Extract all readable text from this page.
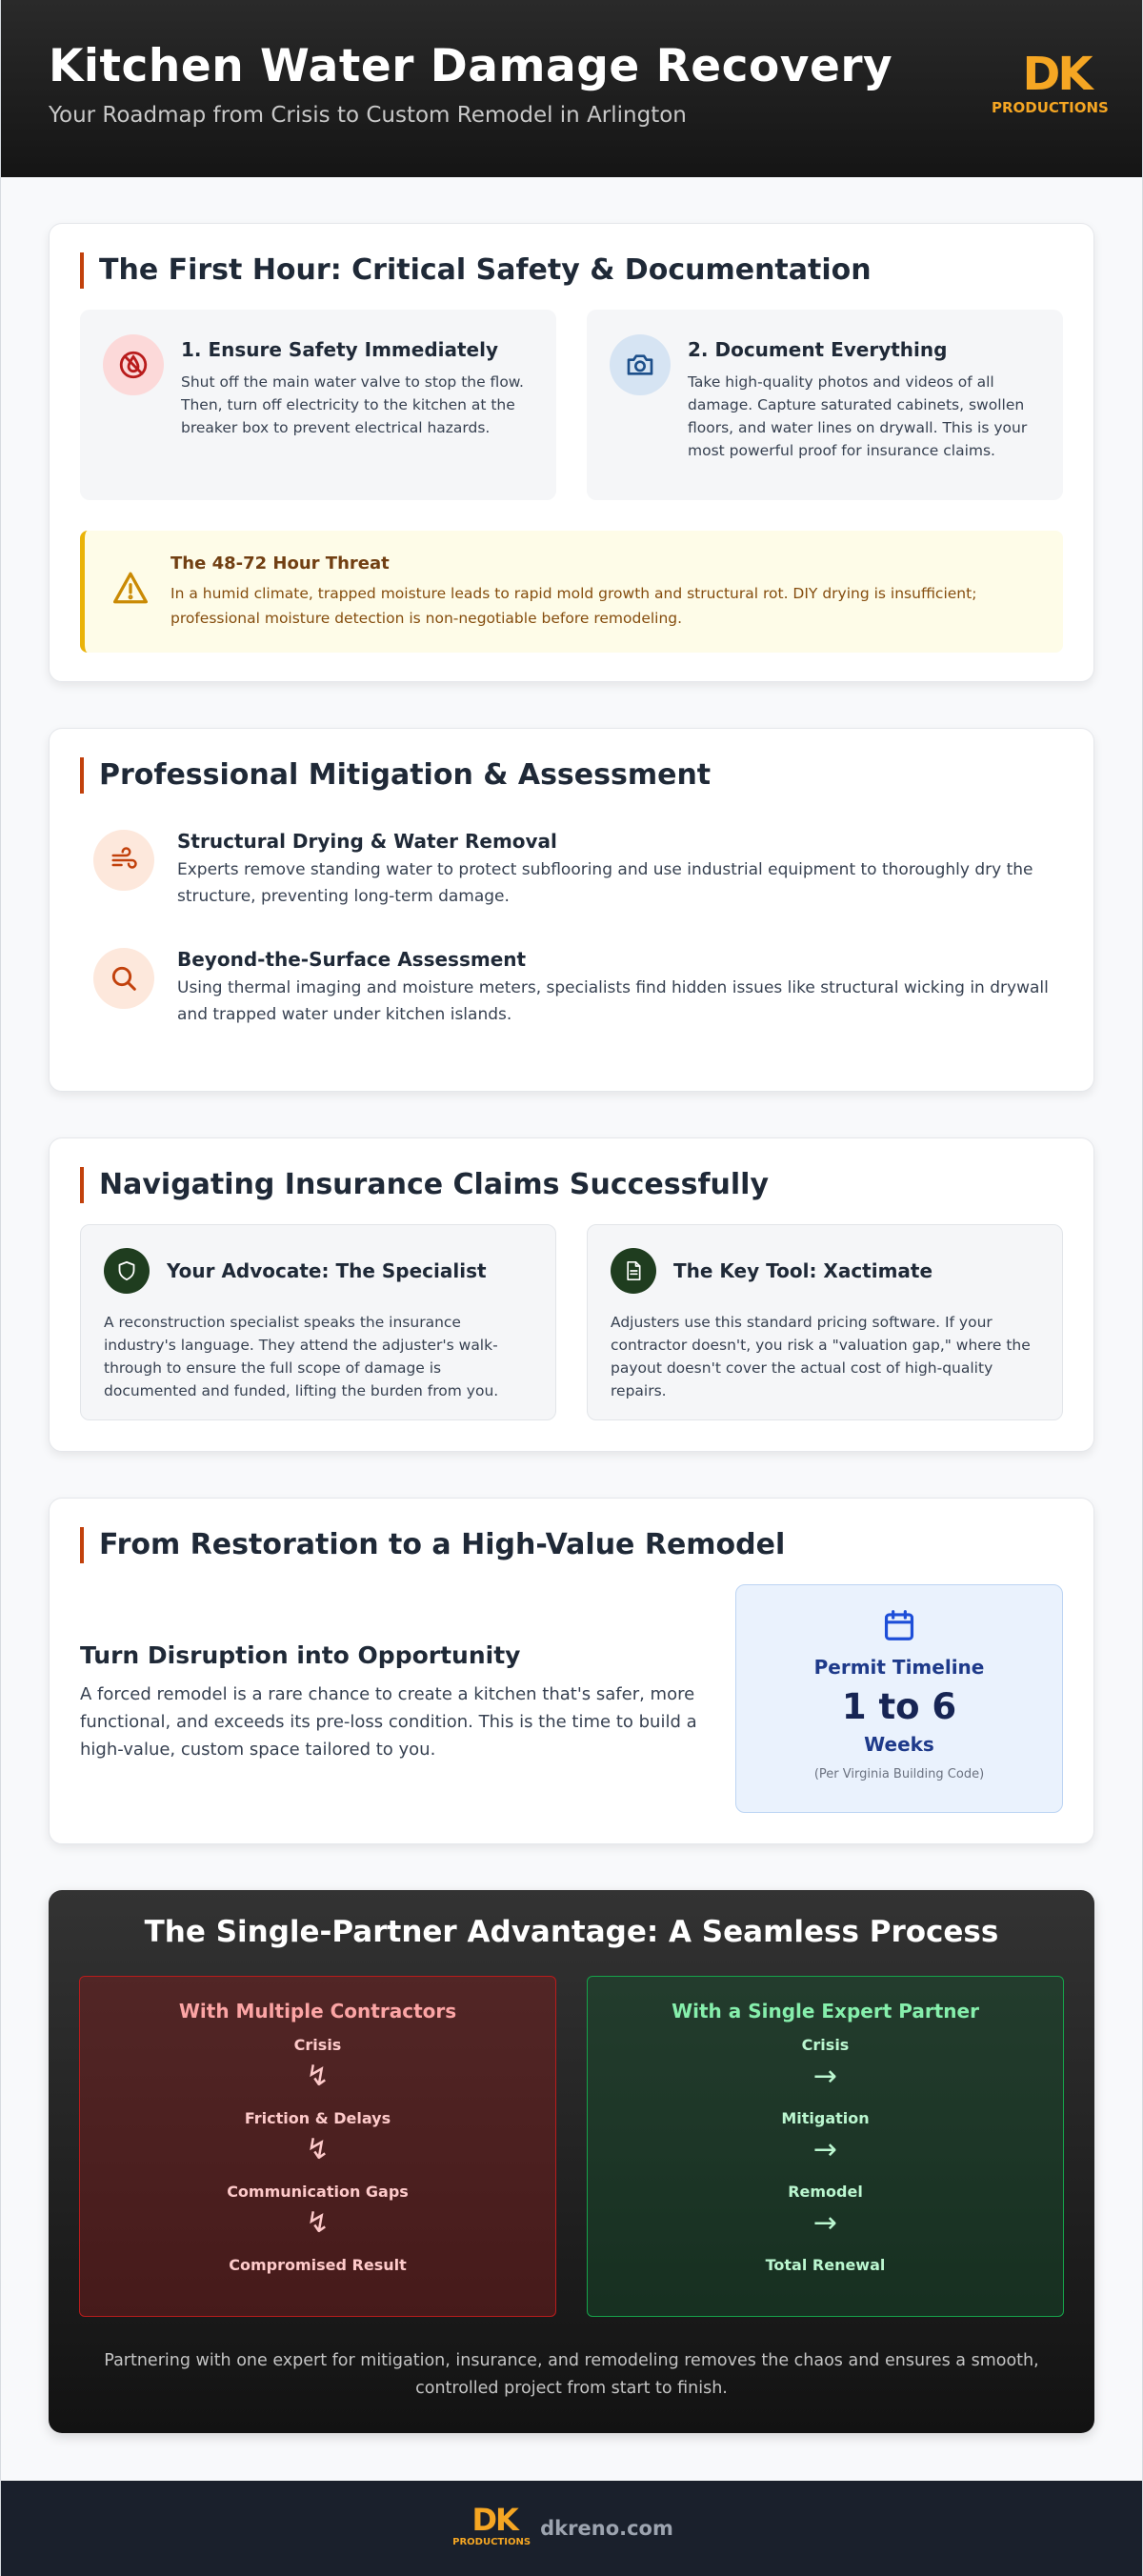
Kitchen Water Damage Recovery
Your Roadmap from Crisis to Custom Remodel in Arlington
DK
PRODUCTIONS
The First Hour: Critical Safety & Documentation
1. Ensure Safety Immediately

Shut off the main water valve to stop the flow. Then, turn off electricity to the kitchen at the breaker box to prevent electrical hazards.

2. Document Everything

Take high-quality photos and videos of all damage. Capture saturated cabinets, swollen floors, and water lines on drywall. This is your most powerful proof for insurance claims.

The 48-72 Hour Threat

In a humid climate, trapped moisture leads to rapid mold growth and structural rot. DIY drying is insufficient; professional moisture detection is non-negotiable before remodeling.

Professional Mitigation & Assessment
Structural Drying & Water Removal

Experts remove standing water to protect subflooring and use industrial equipment to thoroughly dry the structure, preventing long-term damage.

Beyond-the-Surface Assessment

Using thermal imaging and moisture meters, specialists find hidden issues like structural wicking in drywall and trapped water under kitchen islands.

Navigating Insurance Claims Successfully
Your Advocate: The Specialist

A reconstruction specialist speaks the insurance industry's language. They attend the adjuster's walk-through to ensure the full scope of damage is documented and funded, lifting the burden from you.

The Key Tool: Xactimate

Adjusters use this standard pricing software. If your contractor doesn't, you risk a "valuation gap," where the payout doesn't cover the actual cost of high-quality repairs.

From Restoration to a High-Value Remodel
Turn Disruption into Opportunity

A forced remodel is a rare chance to create a kitchen that's safer, more functional, and exceeds its pre-loss condition. This is the time to build a high-value, custom space tailored to you.

Permit Timeline
1 to 6
Weeks
(Per Virginia Building Code)
The Single-Partner Advantage: A Seamless Process
With Multiple Contractors
Crisis
↯
Friction & Delays
↯
Communication Gaps
↯
Compromised Result
With a Single Expert Partner
Crisis
→
Mitigation
→
Remodel
→
Total Renewal

Partnering with one expert for mitigation, insurance, and remodeling removes the chaos and ensures a smooth, controlled project from start to finish.

DK
PRODUCTIONS
dkreno.com
